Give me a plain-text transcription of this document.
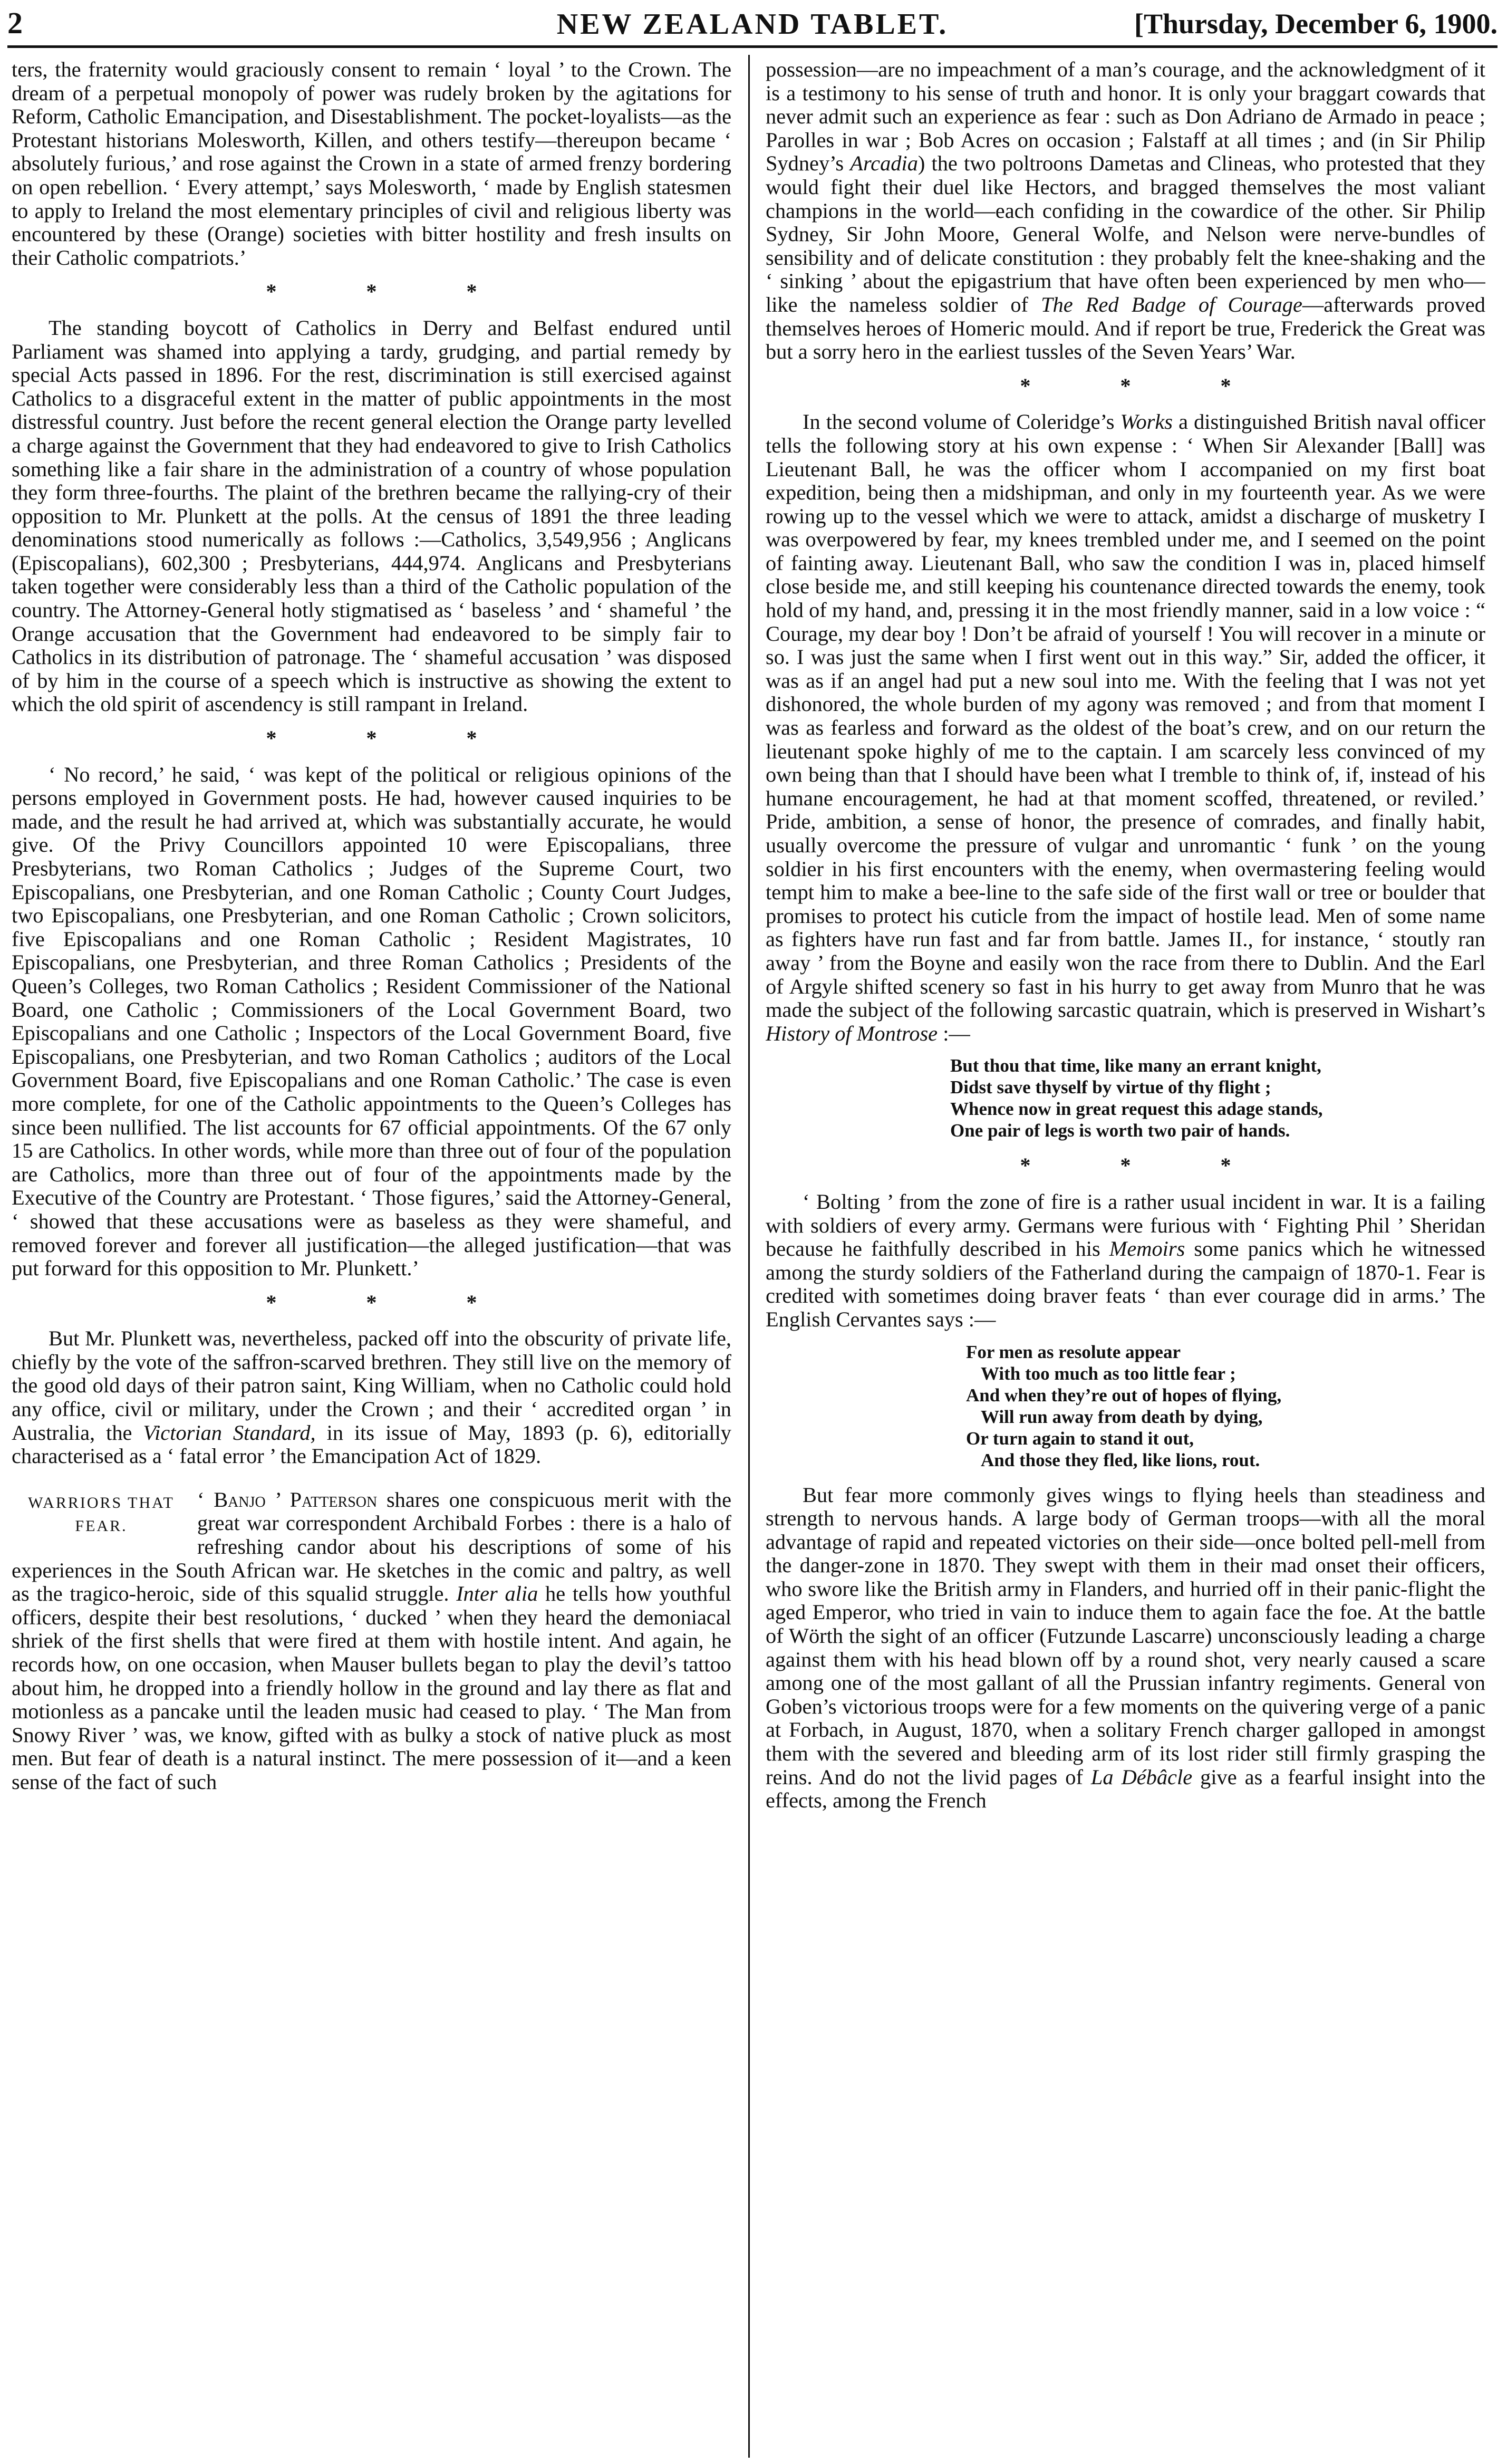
2	NEW ZEALAND TABLET.	[Thursday, December 6, 1900.

ters, the fraternity would graciously consent to remain ‘ loyal ’ to the Crown. The dream of a perpetual monopoly of power was rudely broken by the agitations for Reform, Catholic Emancipation, and Disestablishment. The pocket-loyalists—as the Protestant historians Molesworth, Killen, and others testify—thereupon became ‘ absolutely furious,’ and rose against the Crown in a state of armed frenzy bordering on open rebellion. ‘ Every attempt,’ says Molesworth, ‘ made by English statesmen to apply to Ireland the most elementary principles of civil and religious liberty was encountered by these (Orange) societies with bitter hostility and fresh insults on their Catholic compatriots.’

* * *

The standing boycott of Catholics in Derry and Belfast endured until Parliament was shamed into applying a tardy, grudging, and partial remedy by special Acts passed in 1896. For the rest, discrimination is still exercised against Catholics to a disgraceful extent in the matter of public appointments in the most distressful country. Just before the recent general election the Orange party levelled a charge against the Government that they had endeavored to give to Irish Catholics something like a fair share in the administration of a country of whose population they form three-fourths. The plaint of the brethren became the rallying-cry of their opposition to Mr. Plunkett at the polls. At the census of 1891 the three leading denominations stood numerically as follows :—Catholics, 3,549,956 ; Anglicans (Episcopalians), 602,300 ; Presbyterians, 444,974. Anglicans and Presbyterians taken together were considerably less than a third of the Catholic population of the country. The Attorney-General hotly stigmatised as ‘ baseless ’ and ‘ shameful ’ the Orange accusation that the Government had endeavored to be simply fair to Catholics in its distribution of patronage. The ‘ shameful accusation ’ was disposed of by him in the course of a speech which is instructive as showing the extent to which the old spirit of ascendency is still rampant in Ireland.

* * *

‘ No record,’ he said, ‘ was kept of the political or religious opinions of the persons employed in Government posts. He had, however caused inquiries to be made, and the result he had arrived at, which was substantially accurate, he would give. Of the Privy Councillors appointed 10 were Episcopalians, three Presbyterians, two Roman Catholics ; Judges of the Supreme Court, two Episcopalians, one Presbyterian, and one Roman Catholic ; County Court Judges, two Episcopalians, one Presbyterian, and one Roman Catholic ; Crown solicitors, five Episcopalians and one Roman Catholic ; Resident Magistrates, 10 Episcopalians, one Presbyterian, and three Roman Catholics ; Presidents of the Queen’s Colleges, two Roman Catholics ; Resident Commissioner of the National Board, one Catholic ; Commissioners of the Local Government Board, two Episcopalians and one Catholic ; Inspectors of the Local Government Board, five Episcopalians, one Presbyterian, and two Roman Catholics ; auditors of the Local Government Board, five Episcopalians and one Roman Catholic.’ The case is even more complete, for one of the Catholic appointments to the Queen’s Colleges has since been nullified. The list accounts for 67 official appointments. Of the 67 only 15 are Catholics. In other words, while more than three out of four of the population are Catholics, more than three out of four of the appointments made by the Executive of the Country are Protestant. ‘ Those figures,’ said the Attorney-General, ‘ showed that these accusations were as baseless as they were shameful, and removed forever and forever all justification—the alleged justification—that was put forward for this opposition to Mr. Plunkett.’

* * *

But Mr. Plunkett was, nevertheless, packed off into the obscurity of private life, chiefly by the vote of the saffron-scarved brethren. They still live on the memory of the good old days of their patron saint, King William, when no Catholic could hold any office, civil or military, under the Crown ; and their ‘ accredited organ ’ in Australia, the Victorian Standard, in its issue of May, 1893 (p. 6), editorially characterised as a ‘ fatal error ’ the Emancipation Act of 1829.

WARRIORS THAT FEAR.
‘ Banjo ’ Patterson shares one conspicuous merit with the great war correspondent Archibald Forbes : there is a halo of refreshing candor about his descriptions of some of his experiences in the South African war. He sketches in the comic and paltry, as well as the tragico-heroic, side of this squalid struggle. Inter alia he tells how youthful officers, despite their best resolutions, ‘ ducked ’ when they heard the demoniacal shriek of the first shells that were fired at them with hostile intent. And again, he records how, on one occasion, when Mauser bullets began to play the devil’s tattoo about him, he dropped into a friendly hollow in the ground and lay there as flat and motionless as a pancake until the leaden music had ceased to play. ‘ The Man from Snowy River ’ was, we know, gifted with as bulky a stock of native pluck as most men. But fear of death is a natural instinct. The mere possession of it—and a keen sense of the fact of such

possession—are no impeachment of a man’s courage, and the acknowledgment of it is a testimony to his sense of truth and honor. It is only your braggart cowards that never admit such an experience as fear : such as Don Adriano de Armado in peace ; Parolles in war ; Bob Acres on occasion ; Falstaff at all times ; and (in Sir Philip Sydney’s Arcadia) the two poltroons Dametas and Clineas, who protested that they would fight their duel like Hectors, and bragged themselves the most valiant champions in the world—each confiding in the cowardice of the other. Sir Philip Sydney, Sir John Moore, General Wolfe, and Nelson were nerve-bundles of sensibility and of delicate constitution : they probably felt the knee-shaking and the ‘ sinking ’ about the epigastrium that have often been experienced by men who—like the nameless soldier of The Red Badge of Courage—afterwards proved themselves heroes of Homeric mould. And if report be true, Frederick the Great was but a sorry hero in the earliest tussles of the Seven Years’ War.

* * *

In the second volume of Coleridge’s Works a distinguished British naval officer tells the following story at his own expense : ‘ When Sir Alexander [Ball] was Lieutenant Ball, he was the officer whom I accompanied on my first boat expedition, being then a midshipman, and only in my fourteenth year. As we were rowing up to the vessel which we were to attack, amidst a discharge of musketry I was overpowered by fear, my knees trembled under me, and I seemed on the point of fainting away. Lieutenant Ball, who saw the condition I was in, placed himself close beside me, and still keeping his countenance directed towards the enemy, took hold of my hand, and, pressing it in the most friendly manner, said in a low voice : “ Courage, my dear boy ! Don’t be afraid of yourself ! You will recover in a minute or so. I was just the same when I first went out in this way.” Sir, added the officer, it was as if an angel had put a new soul into me. With the feeling that I was not yet dishonored, the whole burden of my agony was removed ; and from that moment I was as fearless and forward as the oldest of the boat’s crew, and on our return the lieutenant spoke highly of me to the captain. I am scarcely less convinced of my own being than that I should have been what I tremble to think of, if, instead of his humane encouragement, he had at that moment scoffed, threatened, or reviled.’ Pride, ambition, a sense of honor, the presence of comrades, and finally habit, usually overcome the pressure of vulgar and unromantic ‘ funk ’ on the young soldier in his first encounters with the enemy, when overmastering feeling would tempt him to make a bee-line to the safe side of the first wall or tree or boulder that promises to protect his cuticle from the impact of hostile lead. Men of some name as fighters have run fast and far from battle. James II., for instance, ‘ stoutly ran away ’ from the Boyne and easily won the race from there to Dublin. And the Earl of Argyle shifted scenery so fast in his hurry to get away from Munro that he was made the subject of the following sarcastic quatrain, which is preserved in Wishart’s History of Montrose :—

But thou that time, like many an errant knight,
Didst save thyself by virtue of thy flight ;
Whence now in great request this adage stands,
One pair of legs is worth two pair of hands.
* * *

‘ Bolting ’ from the zone of fire is a rather usual incident in war. It is a failing with soldiers of every army. Germans were furious with ‘ Fighting Phil ’ Sheridan because he faithfully described in his Memoirs some panics which he witnessed among the sturdy soldiers of the Fatherland during the campaign of 1870-1. Fear is credited with sometimes doing braver feats ‘ than ever courage did in arms.’ The English Cervantes says :—

For men as resolute appear
With too much as too little fear ;
And when they’re out of hopes of flying,
Will run away from death by dying,
Or turn again to stand it out,
And those they fled, like lions, rout.

But fear more commonly gives wings to flying heels than steadiness and strength to nervous hands. A large body of German troops—with all the moral advantage of rapid and repeated victories on their side—once bolted pell-mell from the danger-zone in 1870. They swept with them in their mad onset their officers, who swore like the British army in Flanders, and hurried off in their panic-flight the aged Emperor, who tried in vain to induce them to again face the foe. At the battle of Wörth the sight of an officer (Futzunde Lascarre) unconsciously leading a charge against them with his head blown off by a round shot, very nearly caused a scare among one of the most gallant of all the Prussian infantry regiments. General von Goben’s victorious troops were for a few moments on the quivering verge of a panic at Forbach, in August, 1870, when a solitary French charger galloped in amongst them with the severed and bleeding arm of its lost rider still firmly grasping the reins. And do not the livid pages of La Débâcle give as a fearful insight into the effects, among the French
